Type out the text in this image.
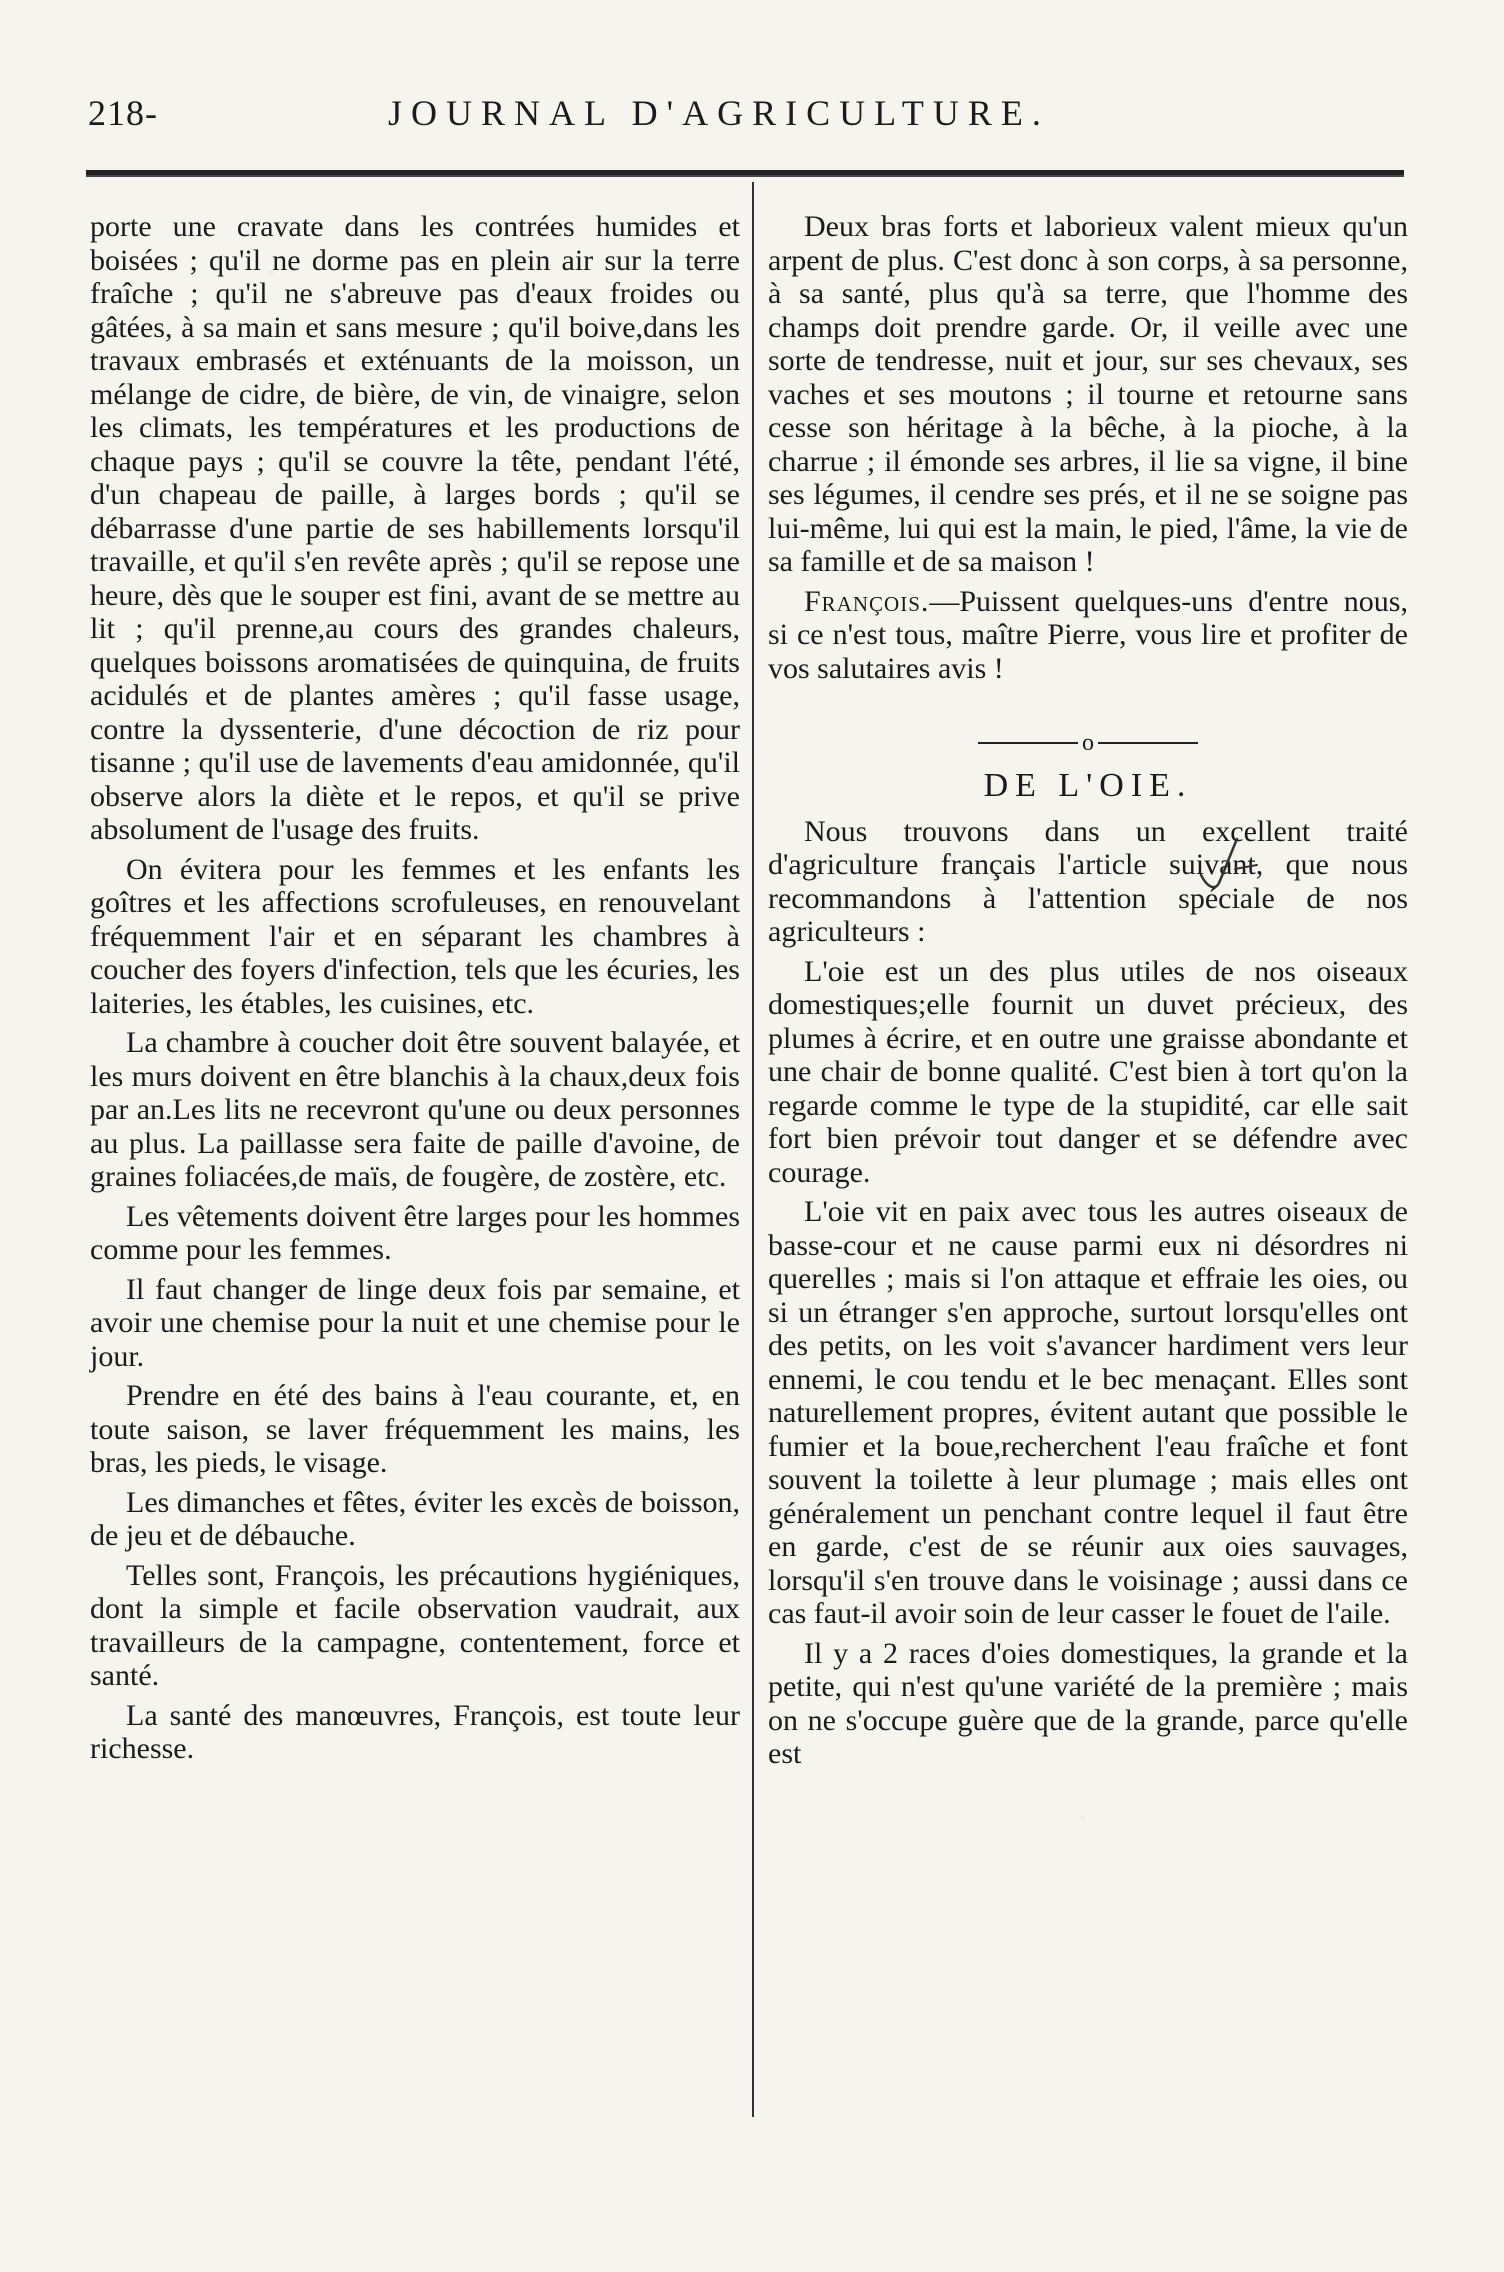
218-	JOURNAL D'AGRICULTURE.

porte une cravate dans les contrées humides et boisées ; qu'il ne dorme pas en plein air sur la terre fraîche ; qu'il ne s'abreuve pas d'eaux froides ou gâtées, à sa main et sans mesure ; qu'il boive,dans les travaux embrasés et exténuants de la moisson, un mélange de cidre, de bière, de vin, de vinaigre, selon les climats, les températures et les productions de chaque pays ; qu'il se couvre la tête, pendant l'été, d'un chapeau de paille, à larges bords ; qu'il se débarrasse d'une partie de ses habillements lorsqu'il travaille, et qu'il s'en revête après ; qu'il se repose une heure, dès que le souper est fini, avant de se mettre au lit ; qu'il prenne,au cours des grandes chaleurs, quelques boissons aromatisées de quinquina, de fruits acidulés et de plantes amères ; qu'il fasse usage, contre la dyssenterie, d'une décoction de riz pour tisanne ; qu'il use de lavements d'eau amidonnée, qu'il observe alors la diète et le repos, et qu'il se prive absolument de l'usage des fruits.

On évitera pour les femmes et les enfants les goîtres et les affections scrofuleuses, en renouvelant fréquemment l'air et en séparant les chambres à coucher des foyers d'infection, tels que les écuries, les laiteries, les étables, les cuisines, etc.

La chambre à coucher doit être souvent balayée, et les murs doivent en être blanchis à la chaux,deux fois par an.Les lits ne recevront qu'une ou deux personnes au plus. La paillasse sera faite de paille d'avoine, de graines foliacées,de maïs, de fougère, de zostère, etc.

Les vêtements doivent être larges pour les hommes comme pour les femmes.

Il faut changer de linge deux fois par semaine, et avoir une chemise pour la nuit et une chemise pour le jour.

Prendre en été des bains à l'eau courante, et, en toute saison, se laver fréquemment les mains, les bras, les pieds, le visage.

Les dimanches et fêtes, éviter les excès de boisson, de jeu et de débauche.

Telles sont, François, les précautions hygiéniques, dont la simple et facile observation vaudrait, aux travailleurs de la campagne, contentement, force et santé.

La santé des manœuvres, François, est toute leur richesse.

Deux bras forts et laborieux valent mieux qu'un arpent de plus. C'est donc à son corps, à sa personne, à sa santé, plus qu'à sa terre, que l'homme des champs doit prendre garde. Or, il veille avec une sorte de tendresse, nuit et jour, sur ses chevaux, ses vaches et ses moutons ; il tourne et retourne sans cesse son héritage à la bêche, à la pioche, à la charrue ; il émonde ses arbres, il lie sa vigne, il bine ses légumes, il cendre ses prés, et il ne se soigne pas lui-même, lui qui est la main, le pied, l'âme, la vie de sa famille et de sa maison !

François.—Puissent quelques-uns d'entre nous, si ce n'est tous, maître Pierre, vous lire et profiter de vos salutaires avis !

o
DE L'OIE.

Nous trouvons dans un excellent traité d'agriculture français l'article suivant, que nous recommandons à l'attention spéciale de nos agriculteurs :

L'oie est un des plus utiles de nos oiseaux domestiques;elle fournit un duvet précieux, des plumes à écrire, et en outre une graisse abondante et une chair de bonne qualité. C'est bien à tort qu'on la regarde comme le type de la stupidité, car elle sait fort bien prévoir tout danger et se défendre avec courage.

L'oie vit en paix avec tous les autres oiseaux de basse-cour et ne cause parmi eux ni désordres ni querelles ; mais si l'on attaque et effraie les oies, ou si un étranger s'en approche, surtout lorsqu'elles ont des petits, on les voit s'avancer hardiment vers leur ennemi, le cou tendu et le bec menaçant. Elles sont naturellement propres, évitent autant que possible le fumier et la boue,recherchent l'eau fraîche et font souvent la toilette à leur plumage ; mais elles ont généralement un penchant contre lequel il faut être en garde, c'est de se réunir aux oies sauvages, lorsqu'il s'en trouve dans le voisinage ; aussi dans ce cas faut-il avoir soin de leur casser le fouet de l'aile.

Il y a 2 races d'oies domestiques, la grande et la petite, qui n'est qu'une variété de la première ; mais on ne s'occupe guère que de la grande, parce qu'elle est
